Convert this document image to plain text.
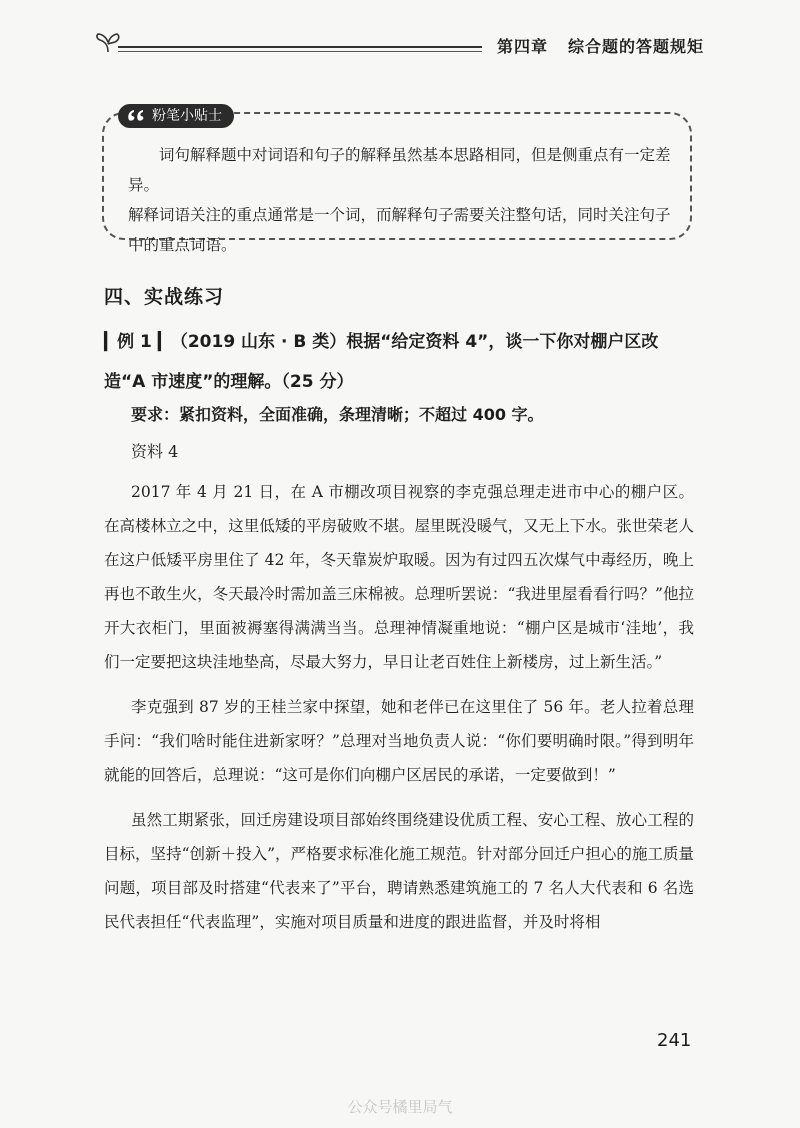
第四章 综合题的答题规矩
粉笔小贴士

词句解释题中对词语和句子的解释虽然基本思路相同，但是侧重点有一定差异。

解释词语关注的重点通常是一个词，而解释句子需要关注整句话，同时关注句子中的重点词语。

四、实战练习
▎例 1 ▎（2019 山东 · B 类）根据“给定资料 4”，谈一下你对棚户区改造“A 市速度”的理解。（25 分）
要求：紧扣资料，全面准确，条理清晰；不超过 400 字。
资料 4

2017 年 4 月 21 日，在 A 市棚改项目视察的李克强总理走进市中心的棚户区。在高楼林立之中，这里低矮的平房破败不堪。屋里既没暖气，又无上下水。张世荣老人在这户低矮平房里住了 42 年，冬天靠炭炉取暖。因为有过四五次煤气中毒经历，晚上再也不敢生火，冬天最冷时需加盖三床棉被。总理听罢说：“我进里屋看看行吗？”他拉开大衣柜门，里面被褥塞得满满当当。总理神情凝重地说：“棚户区是城市‘洼地’，我们一定要把这块洼地垫高，尽最大努力，早日让老百姓住上新楼房，过上新生活。”

李克强到 87 岁的王桂兰家中探望，她和老伴已在这里住了 56 年。老人拉着总理手问：“我们啥时能住进新家呀？”总理对当地负责人说：“你们要明确时限。”得到明年就能的回答后，总理说：“这可是你们向棚户区居民的承诺，一定要做到！”

虽然工期紧张，回迁房建设项目部始终围绕建设优质工程、安心工程、放心工程的目标，坚持“创新＋投入”，严格要求标准化施工规范。针对部分回迁户担心的施工质量问题，项目部及时搭建“代表来了”平台，聘请熟悉建筑施工的 7 名人大代表和 6 名选民代表担任“代表监理”，实施对项目质量和进度的跟进监督，并及时将相

241
公众号橘里局气
